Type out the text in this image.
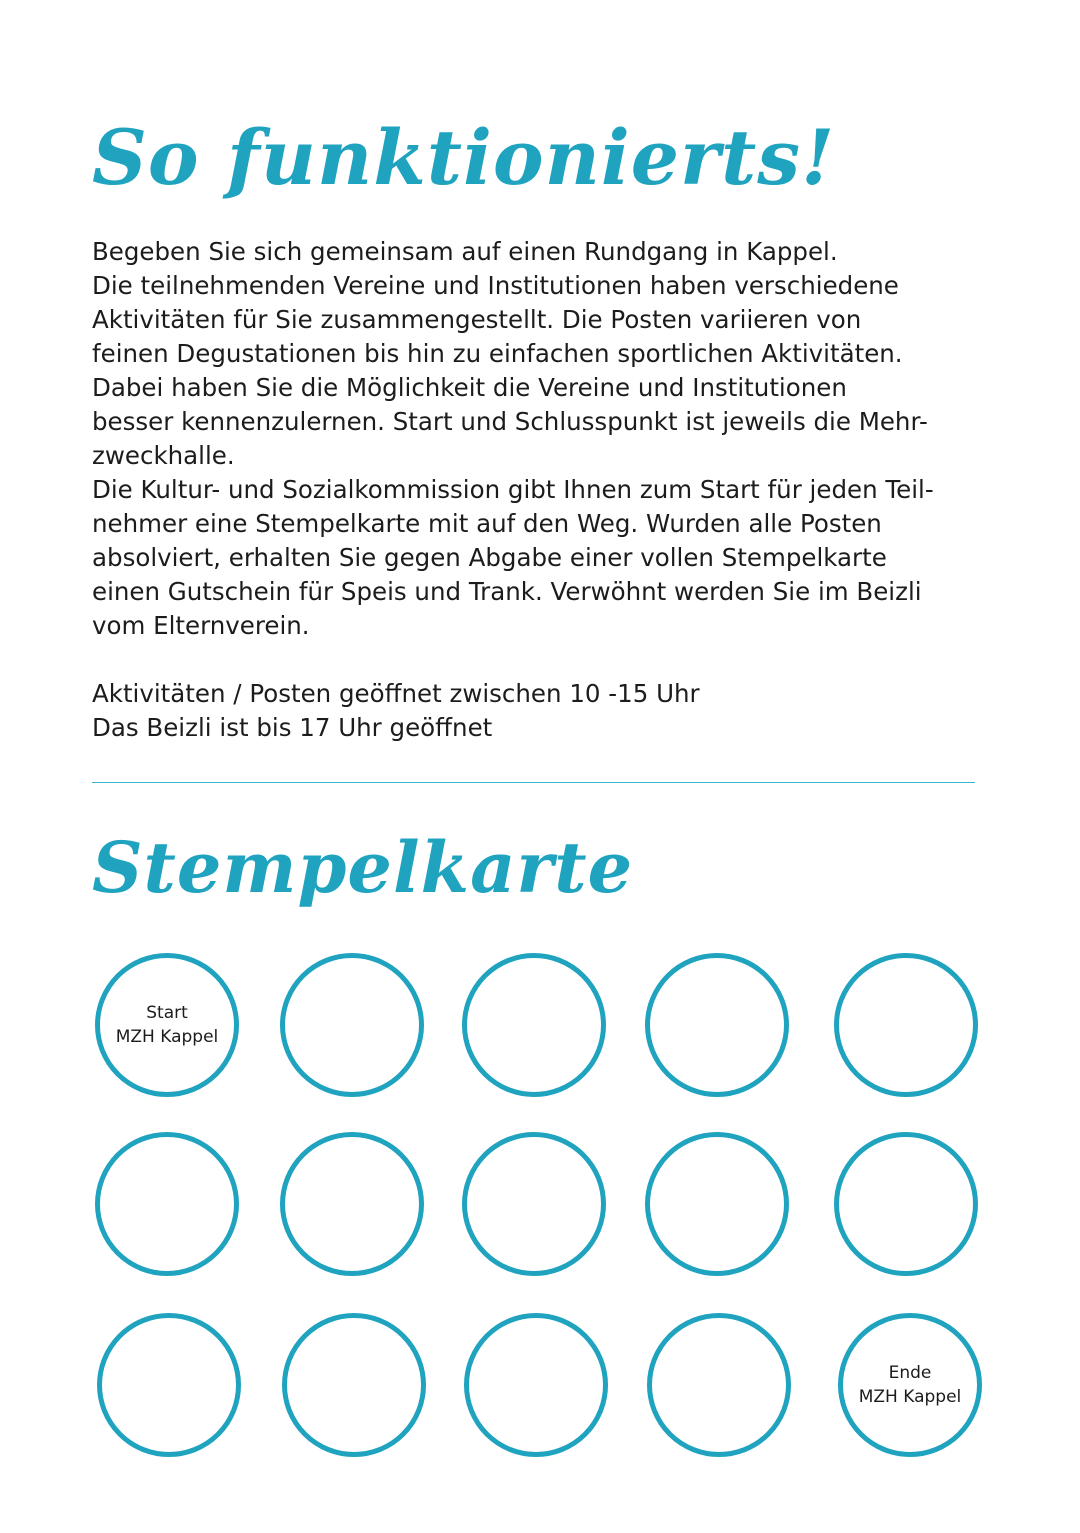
So funktionierts!
Begeben Sie sich gemeinsam auf einen Rundgang in Kappel.
Die teilnehmenden Vereine und Institutionen haben verschiedene
Aktivitäten für Sie zusammengestellt. Die Posten variieren von
feinen Degustationen bis hin zu einfachen sportlichen Aktivitäten.
Dabei haben Sie die Möglichkeit die Vereine und Institutionen
besser kennenzulernen. Start und Schlusspunkt ist jeweils die Mehr-
zweckhalle.
Die Kultur- und Sozialkommission gibt Ihnen zum Start für jeden Teil-
nehmer eine Stempelkarte mit auf den Weg. Wurden alle Posten
absolviert, erhalten Sie gegen Abgabe einer vollen Stempelkarte
einen Gutschein für Speis und Trank. Verwöhnt werden Sie im Beizli
vom Elternverein.
Aktivitäten / Posten geöffnet zwischen 10 -15 Uhr
Das Beizli ist bis 17 Uhr geöffnet
Stempelkarte
Start
MZH Kappel
Ende
MZH Kappel
